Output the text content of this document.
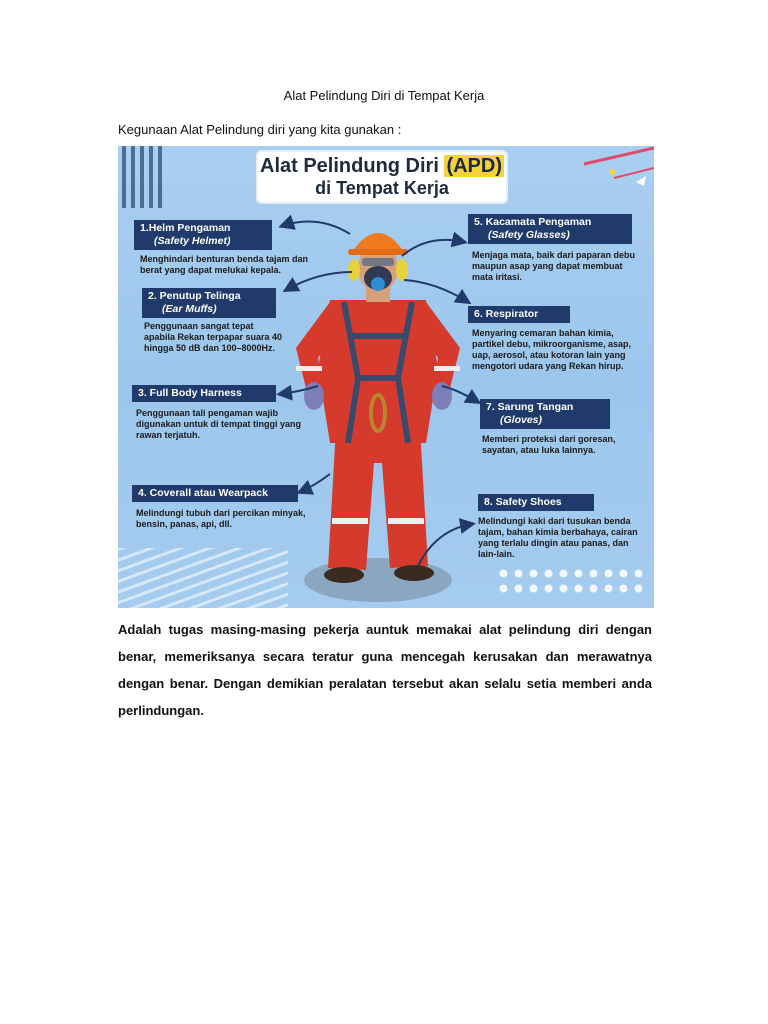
Alat Pelindung Diri di Tempat Kerja
Kegunaan Alat Pelindung diri yang kita gunakan :
Alat Pelindung Diri (APD)
di Tempat Kerja
1.Helm Pengaman
(Safety Helmet)
Menghindari benturan benda tajam dan berat yang dapat melukai kepala.
2. Penutup Telinga
(Ear Muffs)
Penggunaan sangat tepat apabila Rekan terpapar suara 40 hingga 50 dB dan 100–8000Hz.
3. Full Body Harness
Penggunaan tali pengaman wajib digunakan untuk di tempat tinggi yang rawan terjatuh.
4. Coverall atau Wearpack
Melindungi tubuh dari percikan minyak, bensin, panas, api, dll.
5. Kacamata Pengaman
(Safety Glasses)
Menjaga mata, baik dari paparan debu maupun asap yang dapat membuat mata iritasi.
6. Respirator
Menyaring cemaran bahan kimia, partikel debu, mikroorganisme, asap, uap, aerosol, atau kotoran lain yang mengotori udara yang Rekan hirup.
7. Sarung Tangan
(Gloves)
Memberi proteksi dari goresan, sayatan, atau luka lainnya.
8. Safety Shoes
Melindungi kaki dari tusukan benda tajam, bahan kimia berbahaya, cairan yang terlalu dingin atau panas, dan lain-lain.
Adalah tugas masing-masing pekerja auntuk memakai alat pelindung diri dengan benar, memeriksanya secara teratur guna mencegah kerusakan dan merawatnya dengan benar. Dengan demikian peralatan tersebut akan selalu setia memberi anda perlindungan.
